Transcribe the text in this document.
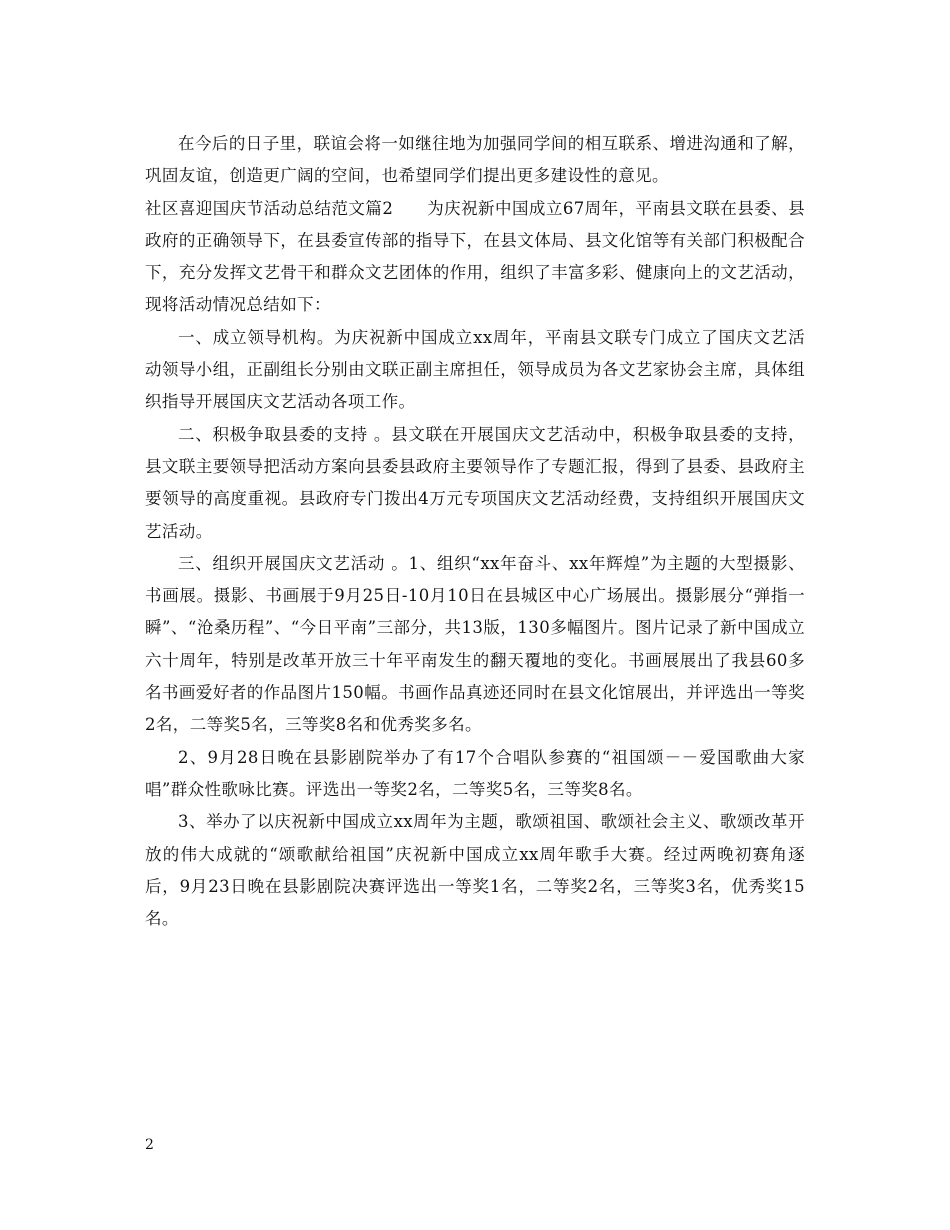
在今后的日子里，联谊会将一如继往地为加强同学间的相互联系、增进沟通和了解，巩固友谊，创造更广阔的空间，也希望同学们提出更多建设性的意见。

社区喜迎国庆节活动总结范文篇2　　为庆祝新中国成立67周年，平南县文联在县委、县政府的正确领导下，在县委宣传部的指导下，在县文体局、县文化馆等有关部门积极配合下，充分发挥文艺骨干和群众文艺团体的作用，组织了丰富多彩、健康向上的文艺活动，现将活动情况总结如下：

一、成立领导机构。为庆祝新中国成立xx周年，平南县文联专门成立了国庆文艺活动领导小组，正副组长分别由文联正副主席担任，领导成员为各文艺家协会主席，具体组织指导开展国庆文艺活动各项工作。

二、积极争取县委的支持 。县文联在开展国庆文艺活动中，积极争取县委的支持，县文联主要领导把活动方案向县委县政府主要领导作了专题汇报，得到了县委、县政府主要领导的高度重视。县政府专门拨出4万元专项国庆文艺活动经费，支持组织开展国庆文艺活动。

三、组织开展国庆文艺活动 。1、组织“xx年奋斗、xx年辉煌”为主题的大型摄影、书画展。摄影、书画展于9月25日-10月10日在县城区中心广场展出。摄影展分“弹指一瞬”、“沧桑历程”、“今日平南”三部分，共13版，130多幅图片。图片记录了新中国成立六十周年，特别是改革开放三十年平南发生的翻天覆地的变化。书画展展出了我县60多名书画爱好者的作品图片150幅。书画作品真迹还同时在县文化馆展出，并评选出一等奖2名，二等奖5名，三等奖8名和优秀奖多名。

2、9月28日晚在县影剧院举办了有17个合唱队参赛的“祖国颂－－爱国歌曲大家唱”群众性歌咏比赛。评选出一等奖2名，二等奖5名，三等奖8名。

3、举办了以庆祝新中国成立xx周年为主题，歌颂祖国、歌颂社会主义、歌颂改革开放的伟大成就的“颂歌献给祖国”庆祝新中国成立xx周年歌手大赛。经过两晚初赛角逐后，9月23日晚在县影剧院决赛评选出一等奖1名，二等奖2名，三等奖3名，优秀奖15名。

2
